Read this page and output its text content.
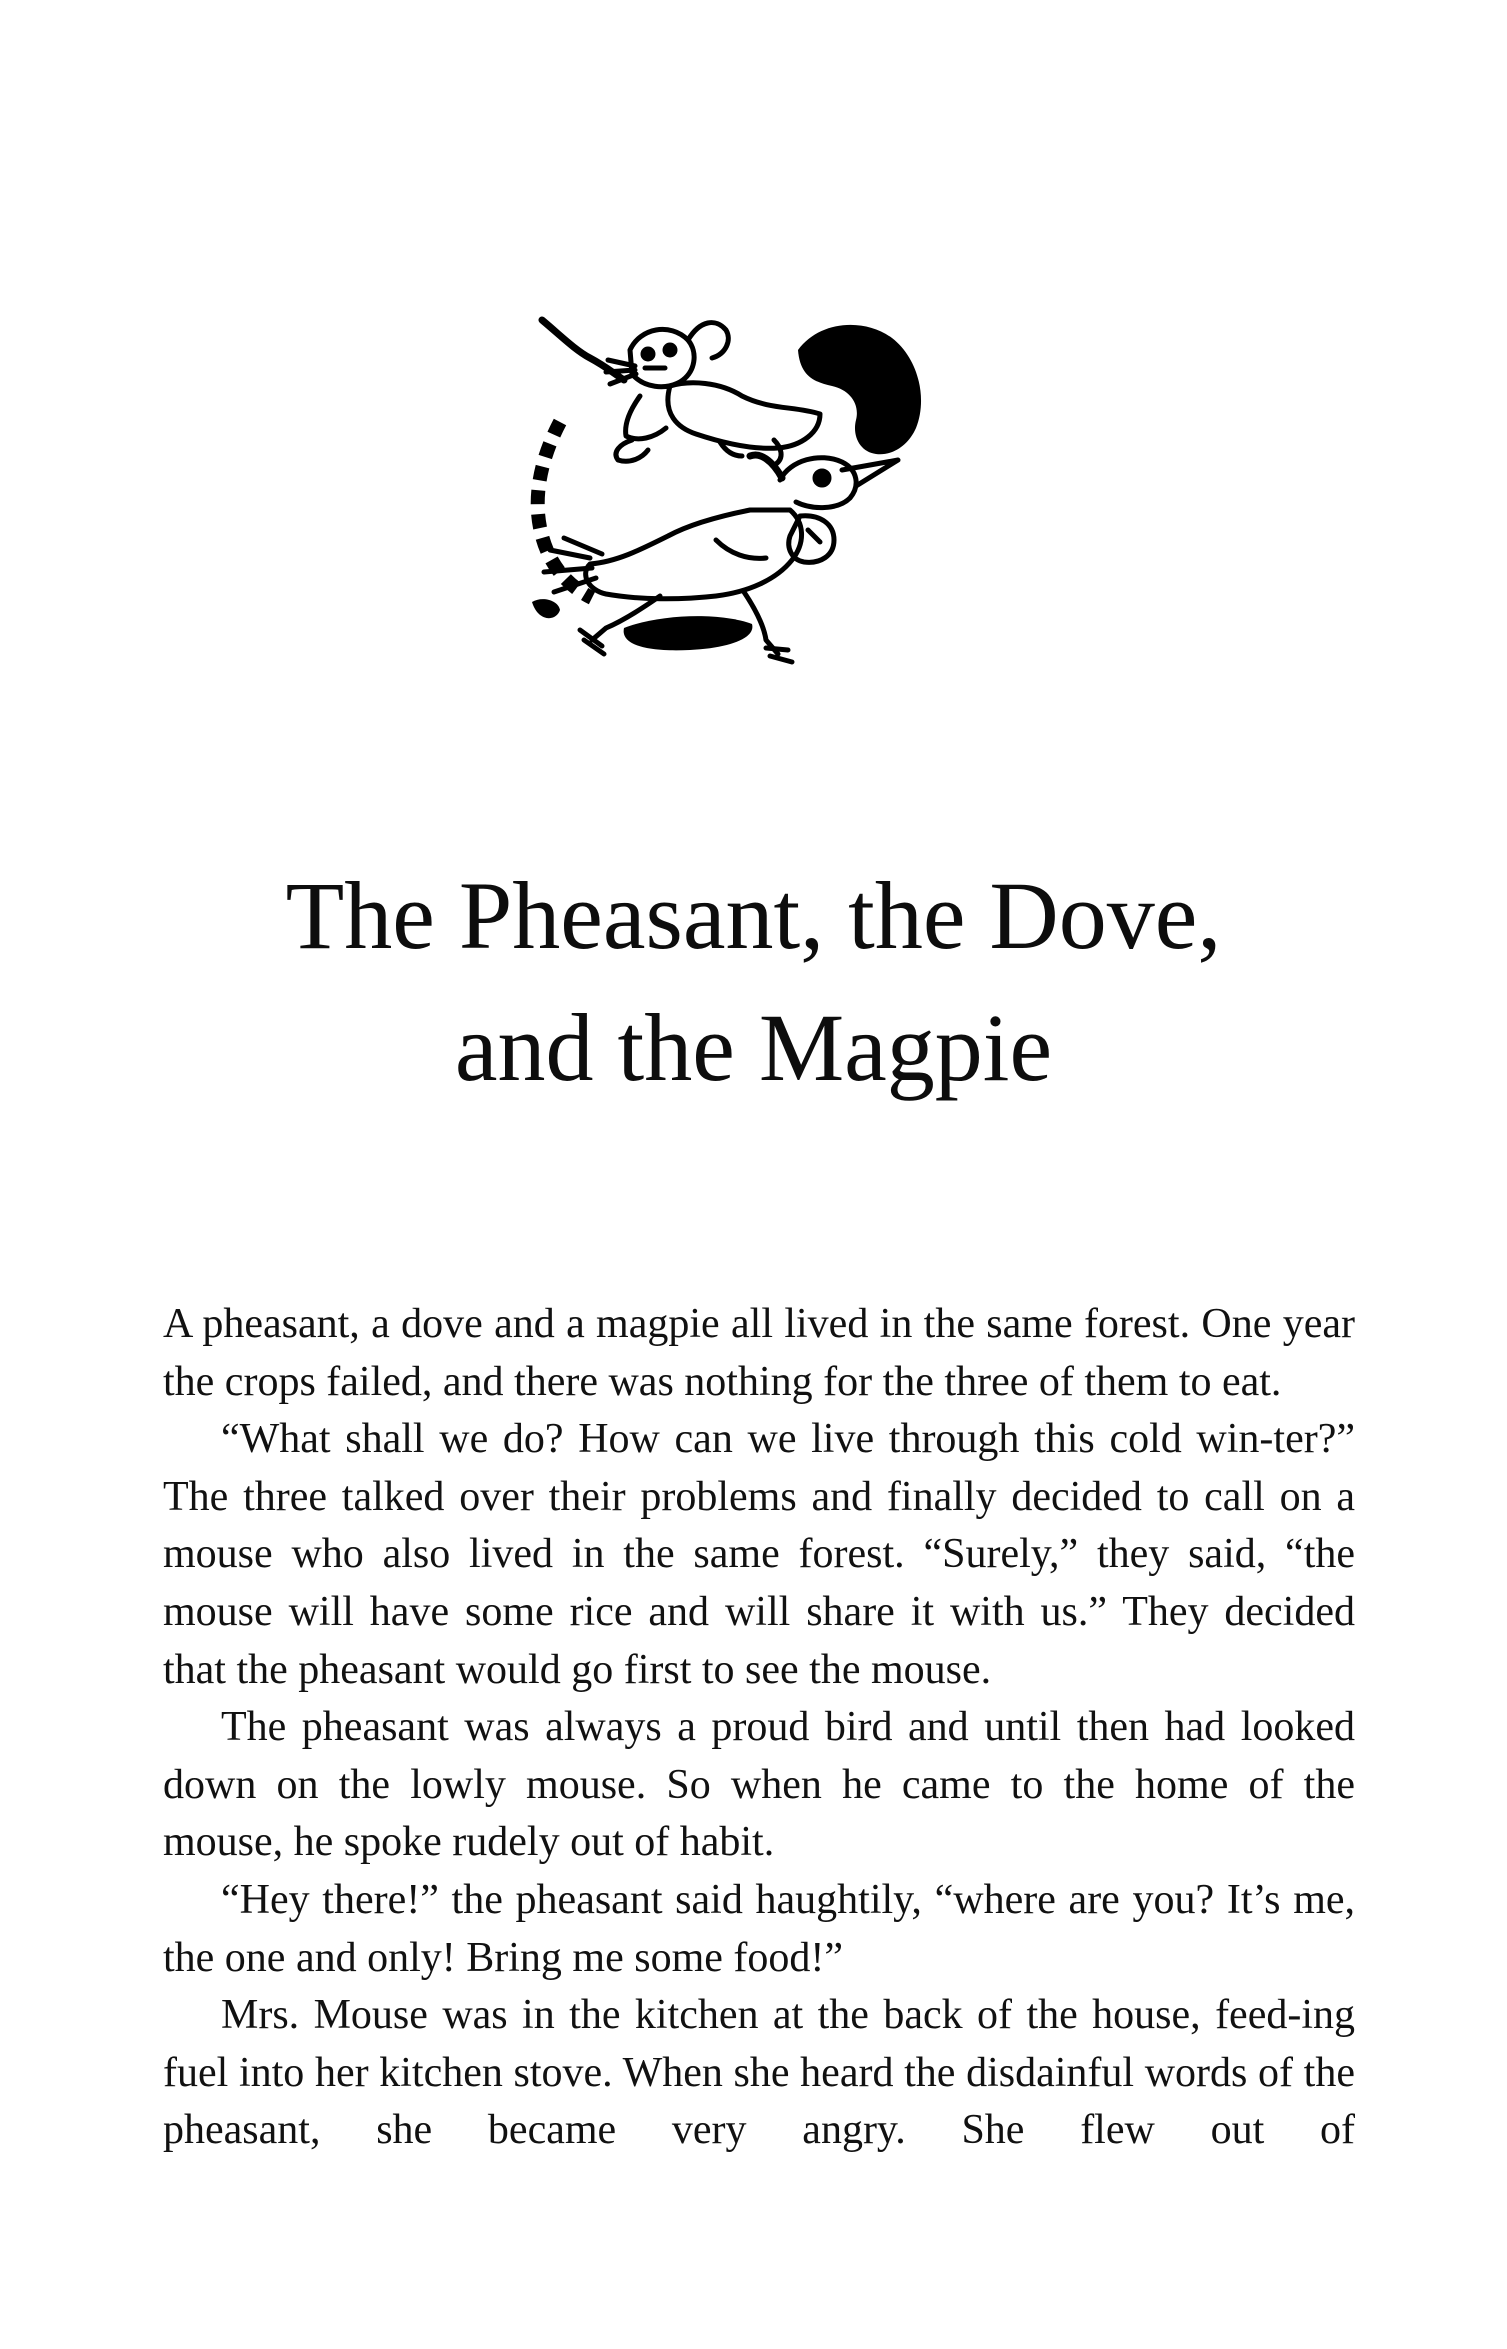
The Pheasant, the Dove,
and the Magpie

A pheasant, a dove and a magpie all lived in the same forest. One year the crops failed, and there was nothing for the three of them to eat.

“What shall we do? How can we live through this cold win-ter?” The three talked over their problems and finally decided to call on a mouse who also lived in the same forest. “Surely,” they said, “the mouse will have some rice and will share it with us.” They decided that the pheasant would go first to see the mouse.

The pheasant was always a proud bird and until then had looked down on the lowly mouse. So when he came to the home of the mouse, he spoke rudely out of habit.

“Hey there!” the pheasant said haughtily, “where are you? It’s me, the one and only! Bring me some food!”

Mrs. Mouse was in the kitchen at the back of the house, feed-ing fuel into her kitchen stove. When she heard the disdainful words of the pheasant, she became very angry. She flew out of
